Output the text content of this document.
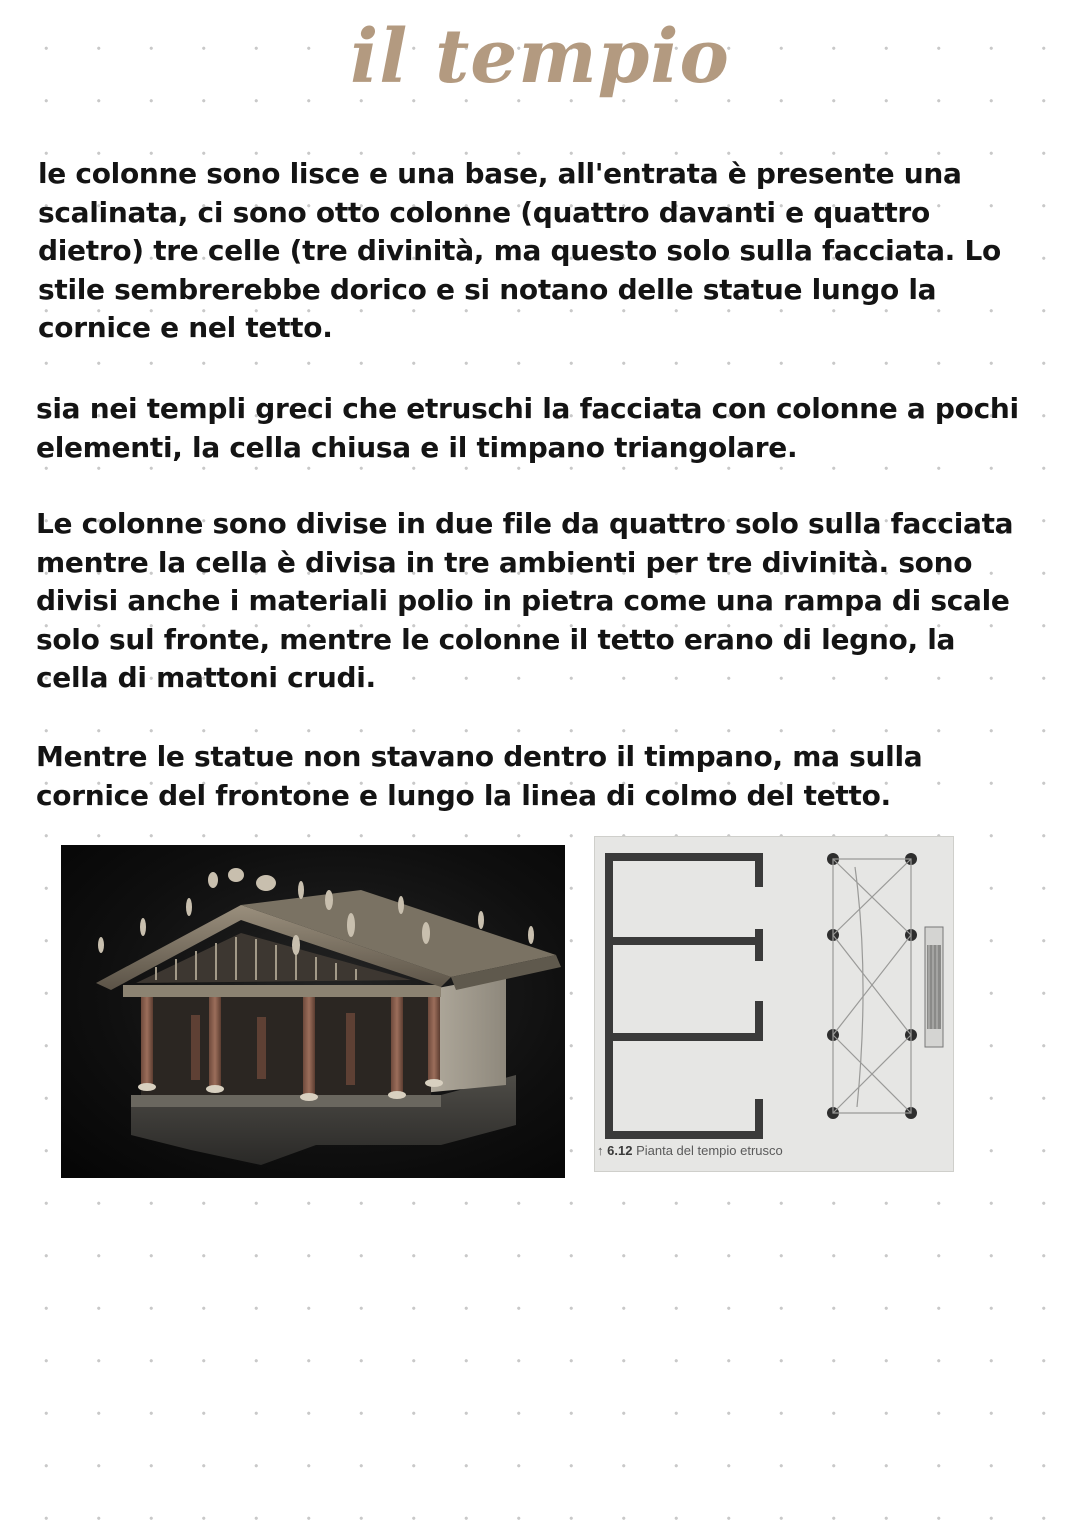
il tempio
le colonne sono lisce e una base, all'entrata è presente una
scalinata, ci sono otto colonne (quattro davanti e quattro
dietro) tre celle (tre divinità, ma questo solo sulla facciata. Lo
stile sembrerebbe dorico e si notano delle statue lungo la
cornice e nel tetto.
sia nei templi greci che etruschi la facciata con colonne a pochi
elementi, la cella chiusa e il timpano triangolare.
Le colonne sono divise in due file da quattro solo sulla facciata
mentre la cella è divisa in tre ambienti per tre divinità. sono
divisi anche i materiali polio in pietra come una rampa di scale
solo sul fronte, mentre le colonne il tetto erano di legno, la
cella di mattoni crudi.
Mentre le statue non stavano dentro il timpano, ma sulla
cornice del frontone e lungo la linea di colmo del tetto.
↑ 6.12 Pianta del tempio etrusco
